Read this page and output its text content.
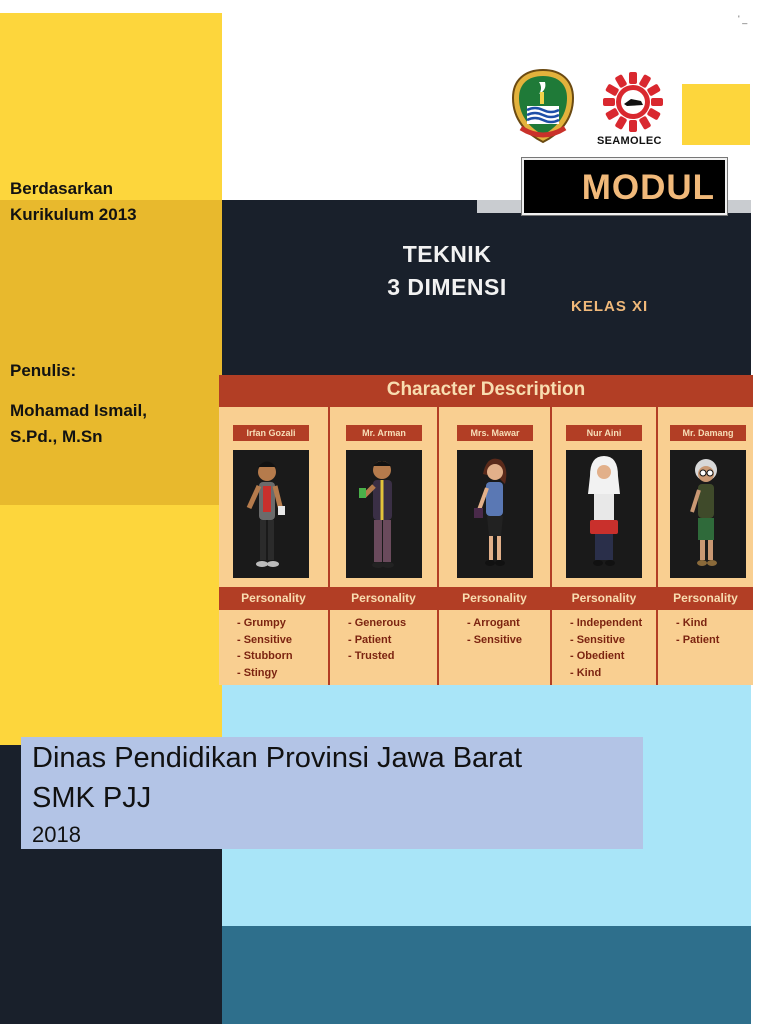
' _
Berdasarkan
Kurikulum 2013
Penulis:
Mohamad Ismail,
S.Pd., M.Sn
SEAMOLEC
MODUL
TEKNIK
3 DIMENSI
KELAS XI
Character Description
Irfan Gozali
Personality
- Grumpy
- Sensitive
- Stubborn
- Stingy
Mr. Arman
Personality
- Generous
- Patient
- Trusted
Mrs. Mawar
Personality
- Arrogant
- Sensitive
Nur Aini
Personality
- Independent
- Sensitive
- Obedient
- Kind
Mr. Damang
Personality
- Kind
- Patient
Dinas Pendidikan Provinsi Jawa Barat
SMK PJJ
2018
